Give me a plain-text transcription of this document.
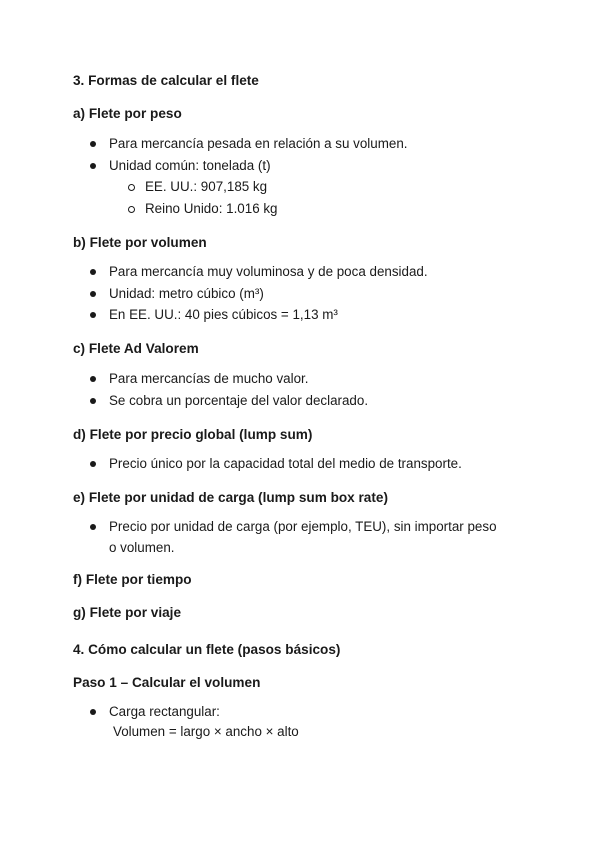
3. Formas de calcular el flete
a) Flete por peso
Para mercancía pesada en relación a su volumen.
Unidad común: tonelada (t)
EE. UU.: 907,185 kg
Reino Unido: 1.016 kg
b) Flete por volumen
Para mercancía muy voluminosa y de poca densidad.
Unidad: metro cúbico (m³)
En EE. UU.: 40 pies cúbicos = 1,13 m³
c) Flete Ad Valorem
Para mercancías de mucho valor.
Se cobra un porcentaje del valor declarado.
d) Flete por precio global (lump sum)
Precio único por la capacidad total del medio de transporte.
e) Flete por unidad de carga (lump sum box rate)
Precio por unidad de carga (por ejemplo, TEU), sin importar peso
o volumen.
f) Flete por tiempo
g) Flete por viaje
4. Cómo calcular un flete (pasos básicos)
Paso 1 – Calcular el volumen
Carga rectangular:
Volumen = largo × ancho × alto
